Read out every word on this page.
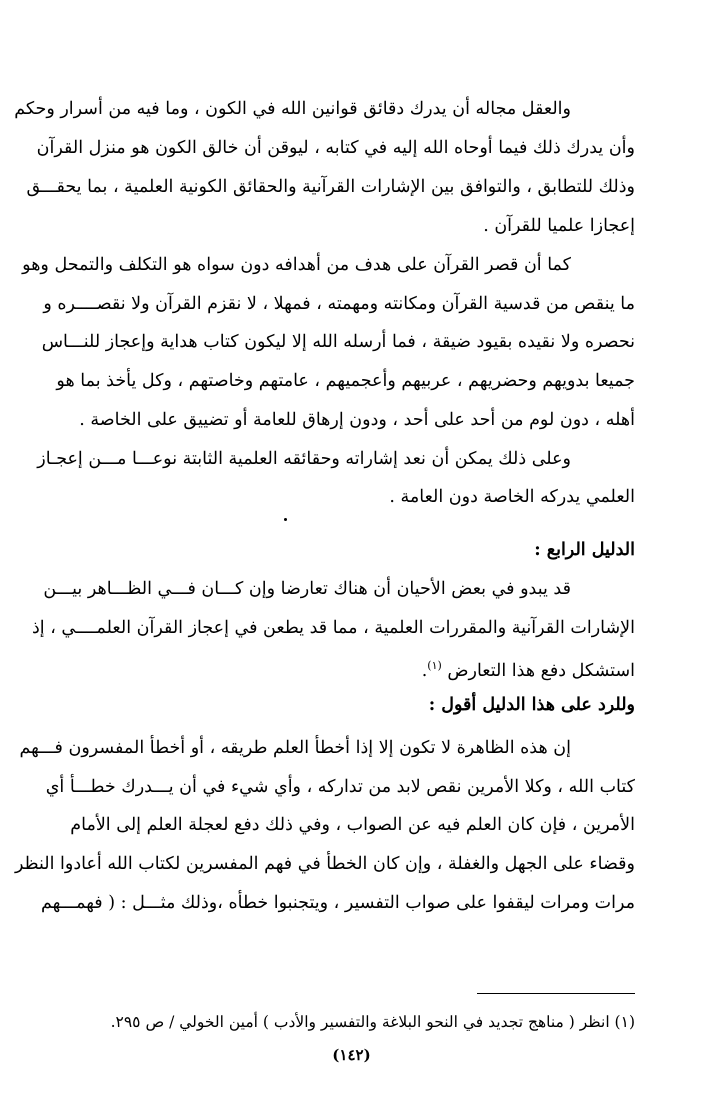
والعقل مجاله أن يدرك دقائق قوانين الله في الكون ، وما فيه من أسرار وحكم
وأن يدرك ذلك فيما أوحاه الله إليه في كتابه ، ليوقن أن خالق الكون هو منزل القرآن
وذلك للتطابق ، والتوافق بين الإشارات القرآنية والحقائق الكونية العلمية ، بما يحقـــق
إعجازا علميا للقرآن .
كما أن قصر القرآن على هدف من أهدافه دون سواه هو التكلف والتمحل وهو
ما ينقص من قدسية القرآن ومكانته ومهمته ، فمهلا ، لا نقزم القرآن ولا نقصــــره و
نحصره ولا نقيده بقيود ضيقة ، فما أرسله الله إلا ليكون كتاب هداية وإعجاز للنـــاس
جميعا بدويهم وحضريهم ، عربيهم وأعجميهم ، عامتهم وخاصتهم ، وكل يأخذ بما هو
أهله ، دون لوم من أحد على أحد ، ودون إرهاق للعامة أو تضييق على الخاصة .
وعلى ذلك يمكن أن نعد إشاراته وحقائقه العلمية الثابتة نوعـــا مـــن إعجـاز
العلمي يدركه الخاصة دون العامة .
الدليل الرابع :
قد يبدو في بعض الأحيان أن هناك تعارضا وإن كـــان فـــي الظـــاهر بيـــن
الإشارات القرآنية والمقررات العلمية ، مما قد يطعن في إعجاز القرآن العلمــــي ، إذ
استشكل دفع هذا التعارض $^{(١)}$.
وللرد على هذا الدليل أقول :
إن هذه الظاهرة لا تكون إلا إذا أخطأ العلم طريقه ، أو أخطأ المفسرون فـــهم
كتاب الله ، وكلا الأمرين نقص لابد من تداركه ، وأي شيء في أن يـــدرك خطـــأ أي
الأمرين ، فإن كان العلم فيه عن الصواب ، وفي ذلك دفع لعجلة العلم إلى الأمام
وقضاء على الجهل والغفلة ، وإن كان الخطأ في فهم المفسرين لكتاب الله أعادوا النظر
مرات ومرات ليقفوا على صواب التفسير ، ويتجنبوا خطأه ،وذلك مثـــل : ( فهمـــهم
(١) انظر ( مناهج تجديد في النحو البلاغة والتفسير والأدب ) أمين الخولي / ص ٢٩٥.
(١٤٢)
